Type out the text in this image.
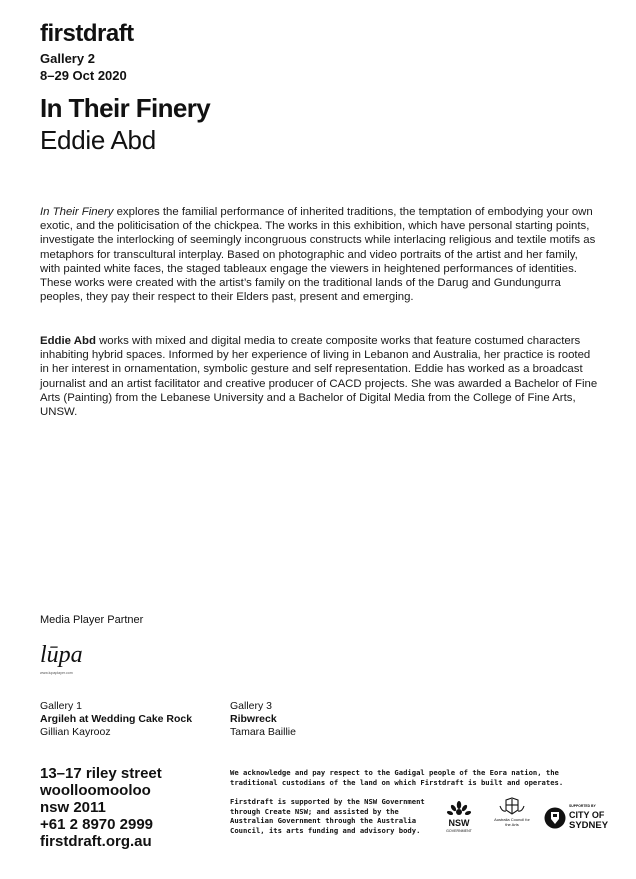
firstdraft
Gallery 2
8–29 Oct 2020
In Their Finery
Eddie Abd
In Their Finery explores the familial performance of inherited traditions, the temptation of embodying your own exotic, and the politicisation of the chickpea. The works in this exhibition, which have personal starting points, investigate the interlocking of seemingly incongruous constructs while interlacing religious and textile motifs as metaphors for transcultural interplay. Based on photographic and video portraits of the artist and her family, with painted white faces, the staged tableaux engage the viewers in heightened performances of identities. These works were created with the artist’s family on the traditional lands of the Darug and Gundungurra peoples, they pay their respect to their Elders past, present and emerging.
Eddie Abd works with mixed and digital media to create composite works that feature costumed characters inhabiting hybrid spaces. Informed by her experience of living in Lebanon and Australia, her practice is rooted in her interest in ornamentation, symbolic gesture and self representation. Eddie has worked as a broadcast journalist and an artist facilitator and creative producer of CACD projects. She was awarded a Bachelor of Fine Arts (Painting) from the Lebanese University and a Bachelor of Digital Media from the College of Fine Arts, UNSW.
Media Player Partner
lūpa
www.lupaplayer.com
Gallery 1
Argileh at Wedding Cake Rock
Gillian Kayrooz
Gallery 3
Ribwreck
Tamara Baillie
13–17 riley street
woolloomooloo
nsw 2011
+61 2 8970 2999
firstdraft.org.au
We acknowledge and pay respect to the Gadigal people of the Eora nation, the traditional custodians of the land on which Firstdraft is built and operates.
Firstdraft is supported by the NSW Government through Create NSW; and assisted by the Australian Government through the Australia Council, its arts funding and advisory body.
NSW
GOVERNMENT
Australia Council for the Arts
SUPPORTED BY
CITY OF
SYDNEY
